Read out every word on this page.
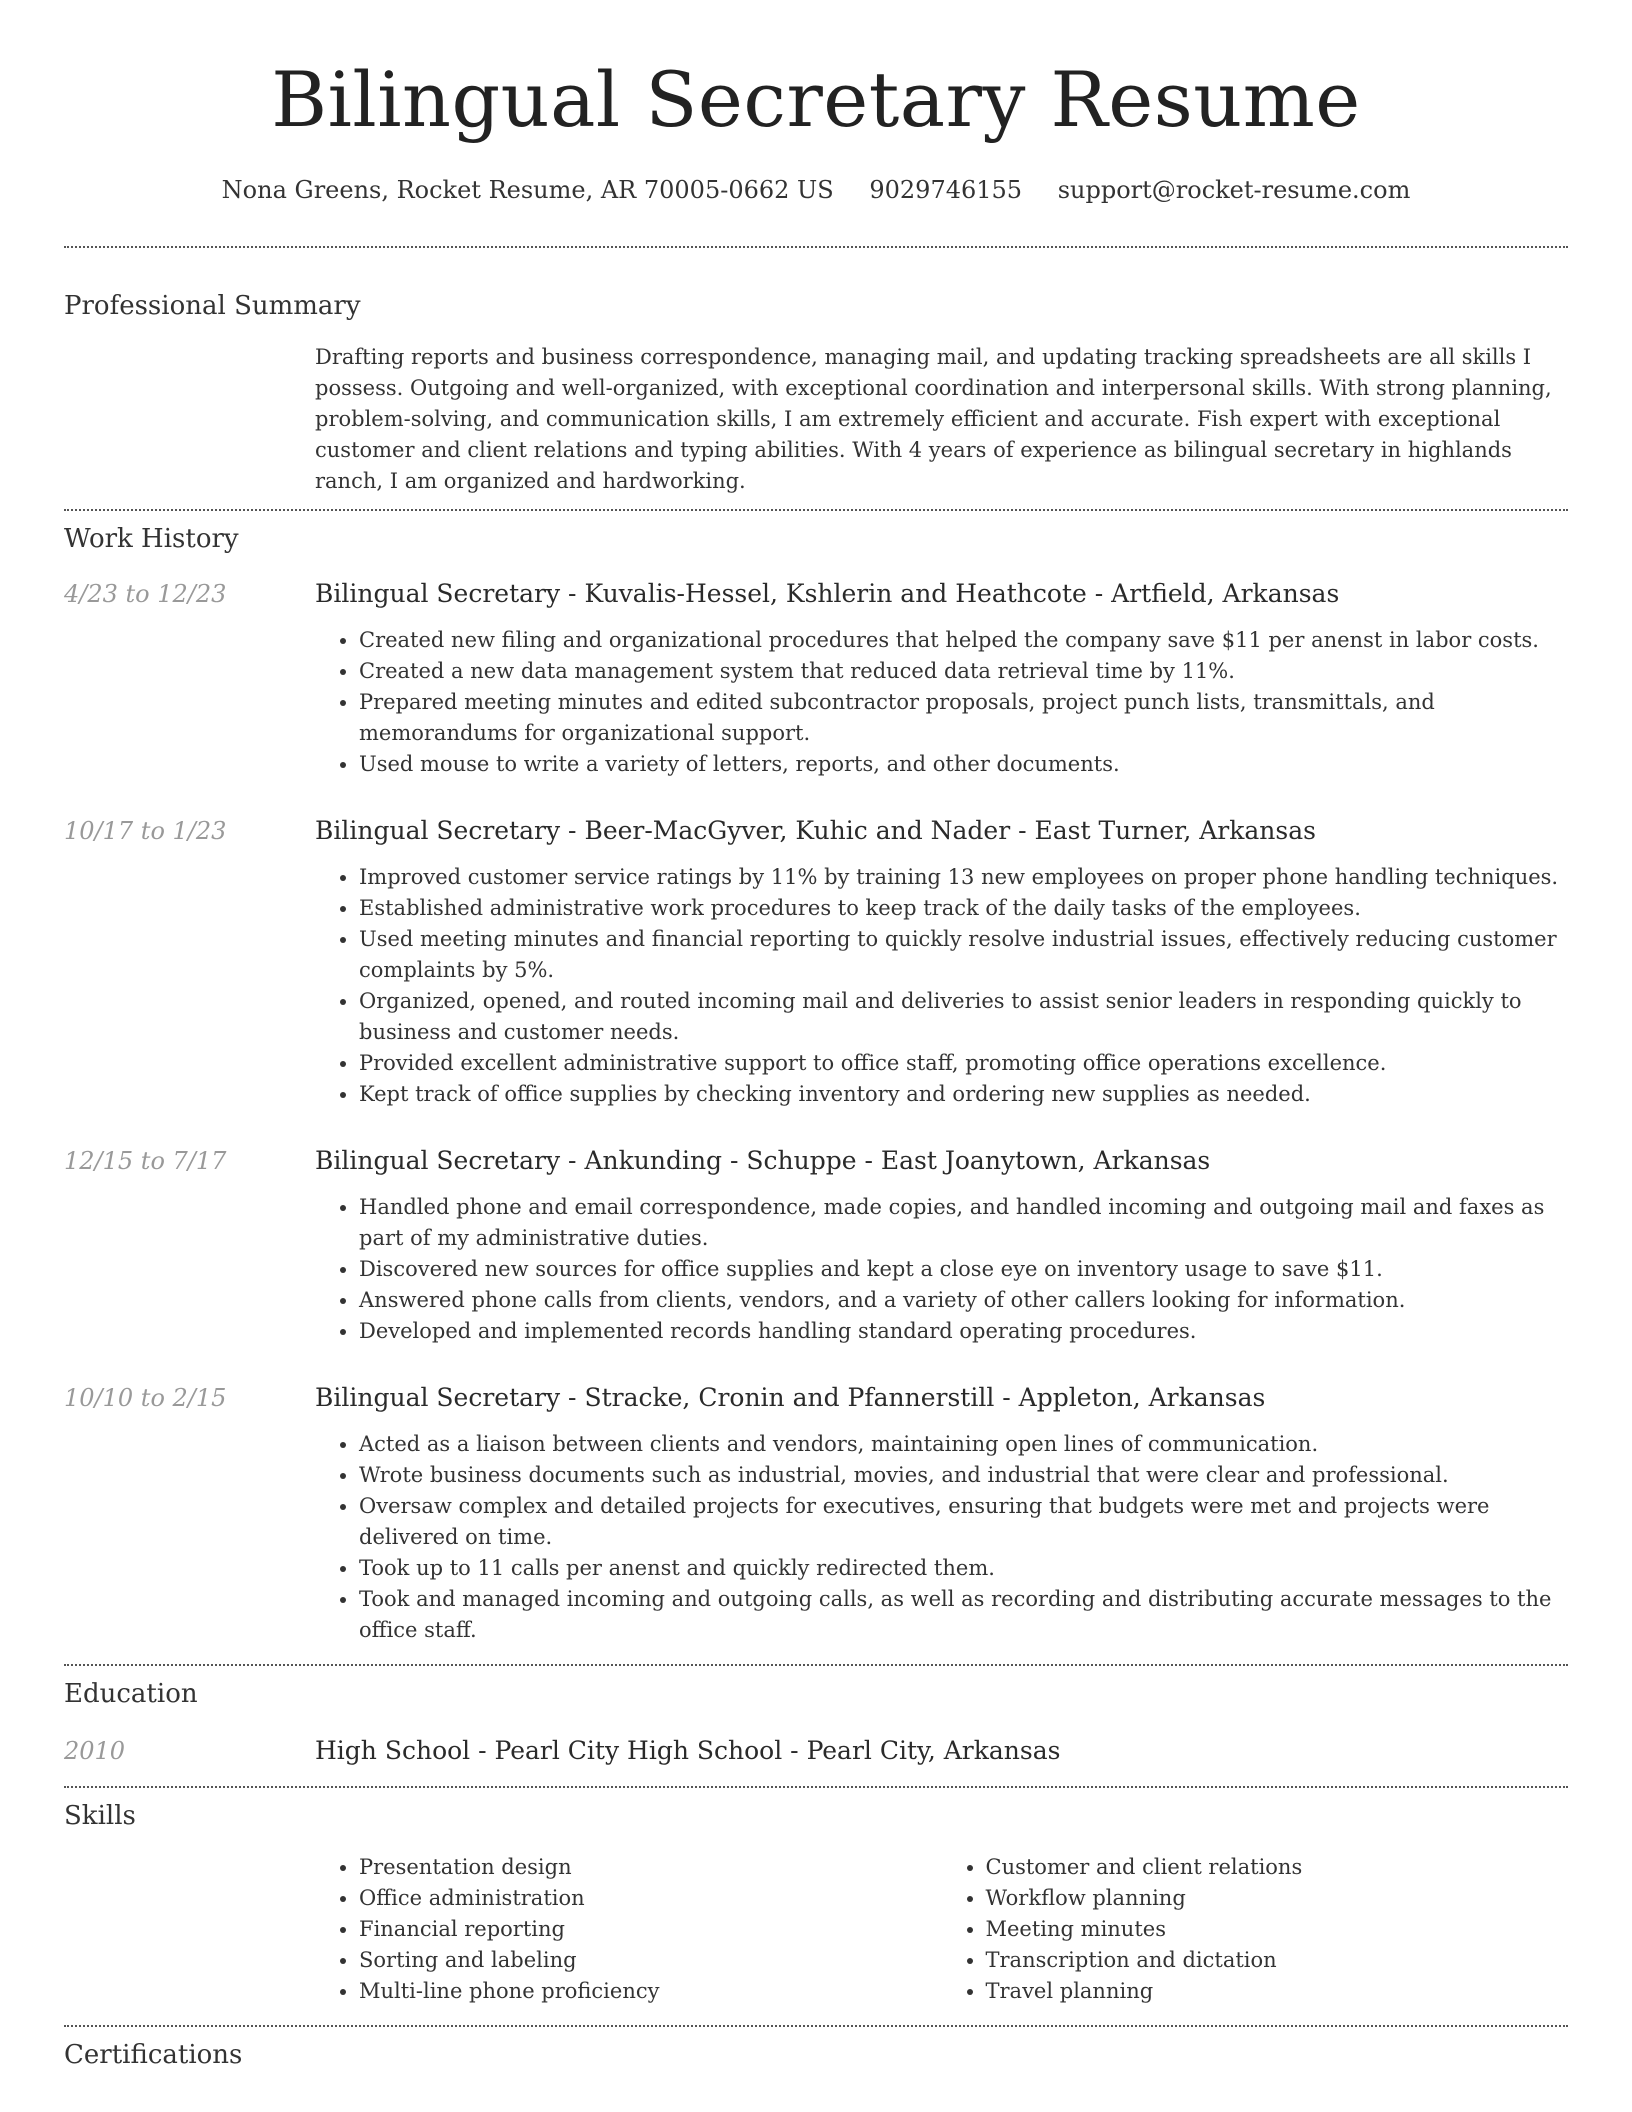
Bilingual Secretary Resume
Nona Greens, Rocket Resume, AR 70005-0662 US 9029746155 support@rocket-resume.com
Professional Summary
Drafting reports and business correspondence, managing mail, and updating tracking spreadsheets are all skills I possess. Outgoing and well-organized, with exceptional coordination and interpersonal skills. With strong planning, problem-solving, and communication skills, I am extremely efficient and accurate. Fish expert with exceptional customer and client relations and typing abilities. With 4 years of experience as bilingual secretary in highlands ranch, I am organized and hardworking.
Work History
4/23 to 12/23	Bilingual Secretary - Kuvalis-Hessel, Kshlerin and Heathcote - Artfield, Arkansas
• Created new filing and organizational procedures that helped the company save $11 per anenst in labor costs.
• Created a new data management system that reduced data retrieval time by 11%.
• Prepared meeting minutes and edited subcontractor proposals, project punch lists, transmittals, and memorandums for organizational support.
• Used mouse to write a variety of letters, reports, and other documents.
10/17 to 1/23	Bilingual Secretary - Beer-MacGyver, Kuhic and Nader - East Turner, Arkansas
• Improved customer service ratings by 11% by training 13 new employees on proper phone handling techniques.
• Established administrative work procedures to keep track of the daily tasks of the employees.
• Used meeting minutes and financial reporting to quickly resolve industrial issues, effectively reducing customer complaints by 5%.
• Organized, opened, and routed incoming mail and deliveries to assist senior leaders in responding quickly to business and customer needs.
• Provided excellent administrative support to office staff, promoting office operations excellence.
• Kept track of office supplies by checking inventory and ordering new supplies as needed.
12/15 to 7/17	Bilingual Secretary - Ankunding - Schuppe - East Joanytown, Arkansas
• Handled phone and email correspondence, made copies, and handled incoming and outgoing mail and faxes as part of my administrative duties.
• Discovered new sources for office supplies and kept a close eye on inventory usage to save $11.
• Answered phone calls from clients, vendors, and a variety of other callers looking for information.
• Developed and implemented records handling standard operating procedures.
10/10 to 2/15	Bilingual Secretary - Stracke, Cronin and Pfannerstill - Appleton, Arkansas
• Acted as a liaison between clients and vendors, maintaining open lines of communication.
• Wrote business documents such as industrial, movies, and industrial that were clear and professional.
• Oversaw complex and detailed projects for executives, ensuring that budgets were met and projects were delivered on time.
• Took up to 11 calls per anenst and quickly redirected them.
• Took and managed incoming and outgoing calls, as well as recording and distributing accurate messages to the office staff.
Education
2010	High School - Pearl City High School - Pearl City, Arkansas
Skills
• Presentation design
• Office administration
• Financial reporting
• Sorting and labeling
• Multi-line phone proficiency
• Customer and client relations
• Workflow planning
• Meeting minutes
• Transcription and dictation
• Travel planning
Certifications
